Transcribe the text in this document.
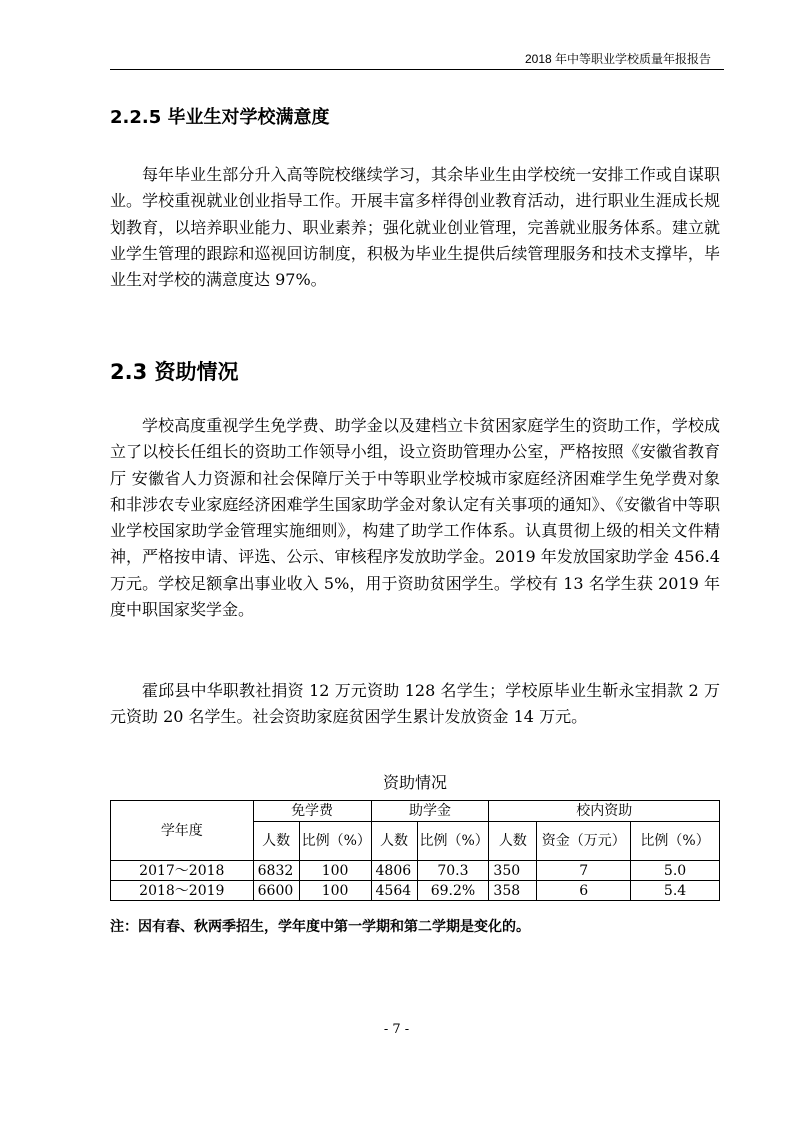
2018 年中等职业学校质量年报报告
2.2.5 毕业生对学校满意度

每年毕业生部分升入高等院校继续学习，其余毕业生由学校统一安排工作或自谋职业。学校重视就业创业指导工作。开展丰富多样得创业教育活动，进行职业生涯成长规划教育，以培养职业能力、职业素养；强化就业创业管理，完善就业服务体系。建立就业学生管理的跟踪和巡视回访制度，积极为毕业生提供后续管理服务和技术支撑毕，毕业生对学校的满意度达 97%。

2.3 资助情况

学校高度重视学生免学费、助学金以及建档立卡贫困家庭学生的资助工作，学校成立了以校长任组长的资助工作领导小组，设立资助管理办公室，严格按照《安徽省教育厅 安徽省人力资源和社会保障厅关于中等职业学校城市家庭经济困难学生免学费对象和非涉农专业家庭经济困难学生国家助学金对象认定有关事项的通知》、《安徽省中等职业学校国家助学金管理实施细则》，构建了助学工作体系。认真贯彻上级的相关文件精神，严格按申请、评选、公示、审核程序发放助学金。2019 年发放国家助学金 456.4 万元。学校足额拿出事业收入 5%，用于资助贫困学生。学校有 13 名学生获 2019 年度中职国家奖学金。

霍邱县中华职教社捐资 12 万元资助 128 名学生；学校原毕业生靳永宝捐款 2 万元资助 20 名学生。社会资助家庭贫困学生累计发放资金 14 万元。

资助情况
学年度	免学费		助学金		校内资助		
	人数	比例（%）	人数	比例（%）	人数	资金（万元）	比例（%）
2017～2018	6832	100	4806	70.3	350	7	5.0
2018～2019	6600	100	4564	69.2%	358	6	5.4
注：因有春、秋两季招生，学年度中第一学期和第二学期是变化的。
- 7 -
